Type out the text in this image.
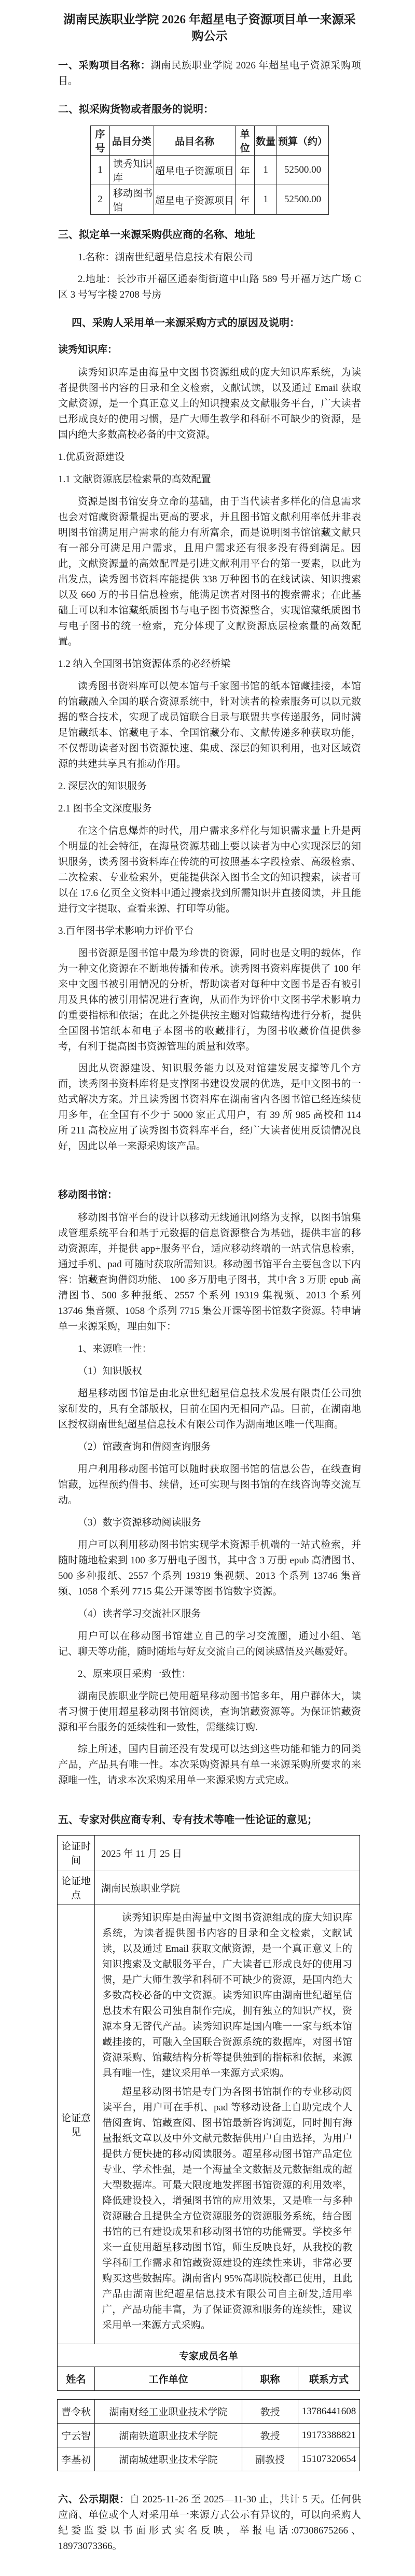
湖南民族职业学院 2026 年超星电子资源项目单一来源采购公示

一、采购项目名称：湖南民族职业学院 2026 年超星电子资源采购项目。

二、拟采购货物或者服务的说明：
序号	品目分类	品目名称	单位	数量	预算（约）
1	读秀知识库	超星电子资源项目	年	1	52500.00
2	移动图书馆	超星电子资源项目	年	1	52500.00
三、拟定单一来源采购供应商的名称、地址

1.名称：湖南世纪超星信息技术有限公司

2.地址：长沙市开福区通泰街街道中山路 589 号开福万达广场 C 区 3 号写字楼 2708 号房

四、采购人采用单一来源采购方式的原因及说明：

读秀知识库：

读秀知识库是由海量中文图书资源组成的庞大知识库系统，为读者提供图书内容的目录和全文检索，文献试读，以及通过 Email 获取文献资源，是一个真正意义上的知识搜索及文献服务平台，广大读者已形成良好的使用习惯，是广大师生教学和科研不可缺少的资源，是国内绝大多数高校必备的中文资源。

1.优质资源建设

1.1 文献资源底层检索量的高效配置

资源是图书馆安身立命的基础，由于当代读者多样化的信息需求也会对馆藏资源量提出更高的要求，并且图书馆文献利用率低并非表明图书馆满足用户需求的能力有所富余，而是说明图书馆馆藏文献只有一部分可满足用户需求，且用户需求还有很多没有得到满足。因此，文献资源量的高效配置是引进文献利用平台的第一要素，以此为出发点，读秀图书资料库能提供 338 万种图书的在线试读、知识搜索以及 660 万的书目信息检索，能满足读者对图书的搜索需求；在此基础上可以和本馆藏纸质图书与电子图书资源整合，实现馆藏纸质图书与电子图书的统一检索，充分体现了文献资源底层检索量的高效配置。

1.2 纳入全国图书馆资源体系的必经桥梁

读秀图书资料库可以使本馆与千家图书馆的纸本馆藏挂接，本馆的馆藏融入全国的联合资源系统中，针对读者的检索服务可以以元数据的整合技术，实现了成员馆联合目录与联盟共享传递服务，同时满足馆藏纸本、馆藏电子本、全国馆藏分布、文献传递多种获取功能，不仅帮助读者对图书资源快速、集成、深层的知识利用，也对区域资源的共建共享具有推动作用。

2. 深层次的知识服务

2.1 图书全文深度服务

在这个信息爆炸的时代，用户需求多样化与知识需求量上升是两个明显的社会特征，在海量资源基础上要以读者为中心实现深层的知识服务，读秀图书资料库在传统的可按照基本字段检索、高级检索、二次检索、专业检索外，更能提供深入图书全文的知识搜索，读者可以在 17.6 亿页全文资料中通过搜索找到所需知识并直接阅读，并且能进行文字提取、查看来源、打印等功能。

3.百年图书学术影响力评价平台

图书资源是图书馆中最为珍贵的资源，同时也是文明的载体，作为一种文化资源在不断地传播和传承。读秀图书资料库提供了 100 年来中文图书被引用情况的分析，帮助读者对每种中文图书是否有被引用及具体的被引用情况进行查询，从而作为评价中文图书学术影响力的重要指标和依据；在此之外提供按主题对馆藏结构进行分析，提供全国图书馆纸本和电子本图书的收藏排行，为图书收藏价值提供参考，有利于提高图书资源管理的质量和效率。

因此从资源建设、知识服务能力以及对馆建发展支撑等几个方面，读秀图书资料库将是支撑图书建设发展的优选，是中文图书的一站式解决方案。并且读秀图书资料库在湖南省内各图书馆已经连续使用多年，在全国有不少于 5000 家正式用户，有 39 所 985 高校和 114 所 211 高校应用了读秀图书资料库平台，经广大读者使用反馈情况良好，因此以单一来源采购该产品。

移动图书馆：

移动图书馆平台的设计以移动无线通讯网络为支撑，以图书馆集成管理系统平台和基于元数据的信息资源整合为基础，提供丰富的移动资源库，并提供 app+服务平台，适应移动终端的一站式信息检索，通过手机、pad 可随时获取所需知识。移动图书馆平台主要包含以下内容：馆藏查询借阅功能、 100 多万册电子图书，其中含 3 万册 epub 高清图书、500 多种报纸、2557 个系列 19319 集视频、2013 个系列 13746 集音频、1058 个系列 7715 集公开课等图书馆数字资源。特申请单一来源采购，理由如下：

1、来源唯一性：

（1）知识版权

超星移动图书馆是由北京世纪超星信息技术发展有限责任公司独家研发的，具有全部版权，目前在国内无相同产品。目前，在湖南地区授权湖南世纪超星信息技术有限公司作为湖南地区唯一代理商。

（2）馆藏查询和借阅查询服务

用户利用移动图书馆可以随时获取图书馆的信息公告，在线查询馆藏，远程预约借书、续借，还可实现与图书馆的在线咨询等交流互动。

（3）数字资源移动阅读服务

用户可以利用移动图书馆实现学术资源手机端的一站式检索，并随时随地检索到 100 多万册电子图书，其中含 3 万册 epub 高清图书、500 多种报纸、2557 个系列 19319 集视频、2013 个系列 13746 集音频、1058 个系列 7715 集公开课等图书馆数字资源。

（4）读者学习交流社区服务

用户可以在移动图书馆建立自己的学习交流圈，通过小组、笔记、聊天等功能，随时随地与好友交流自己的阅读感悟及兴趣爱好。

2、原来项目采购一致性：

湖南民族职业学院已使用超星移动图书馆多年，用户群体大，读者习惯于使用超星移动图书馆阅读，查询馆藏资源等。为保证馆藏资源和平台服务的延续性和一致性，需继续订购.

综上所述，国内目前还没有发现可以达到这些功能和能力的同类产品，产品具有唯一性。本次采购资源具有单一来源采购所要求的来源唯一性，请求本次采购采用单一来源采购方式完成。

五、专家对供应商专利、专有技术等唯一性论证的意见；
论证时间	2025 年 11 月 25 日		
论证地点	湖南民族职业学院		
论证意见	读秀知识库是由海量中文图书资源组成的庞大知识库系统，为读者提供图书内容的目录和全文检索，文献试读，以及通过 Email 获取文献资源，是一个真正意义上的知识搜索及文献服务平台，广大读者已形成良好的使用习惯，是广大师生教学和科研不可缺少的资源，是国内绝大多数高校必备的中文资源。读秀知识库由湖南世纪超星信息技术有限公司独自制作完成，拥有独立的知识产权，资源本身无替代产品。读秀知识库是国内唯一一家与纸本馆藏挂接的，可融入全国联合资源系统的数据库，对图书馆资源采购、馆藏结构分析等提供独到的指标和依据，来源具有唯一性，建议采用单一来源方式采购。

超星移动图书馆是专门为各图书馆制作的专业移动阅读平台，用户可在手机、pad 等移动设备上自助完成个人借阅查询、馆藏查阅、图书馆最新咨询浏览，同时拥有海量报纸文章以及中外文献元数据供用户自由选择，为用户提供方便快捷的移动阅读服务。超星移动图书馆产品定位专业、学术性强，是一个海量全文数据及元数据组成的超大型数据库。可最大限度地发挥图书馆资源的利用效率，降低建设投入，增强图书馆的应用效果，又是唯一与多种资源融合且提供全方位资源服务的资源服务系统，结合图书馆的已有建设成果和移动图书馆的功能需要。学校多年来一直使用超星移动图书馆，师生反映良好，从我校的教学科研工作需求和馆藏资源建设的连续性来讲，非常必要购买这些数据库。湖南省内 95%高职院校都已使用，且此产品由湖南世纪超星信息技术有限公司自主研发,适用率广，产品功能丰富，为了保证资源和服务的连续性，建议采用单一来源方式采购。		

专家成员名单			
姓名	工作单位	职称	联系方式
曹令秋	湖南财经工业职业技术学院	教授	13786441608
宁云智	湖南铁道职业技术学院	教授	19173388821
李基初	湖南城建职业技术学院	副教授	15107320654

六、公示期限：自 2025-11-26 至 2025—11-30 止，共计 5 天。任何供应商、单位或个人对采用单一来源方式公示有异议的，可以向采购人纪委监委以书面形式实名反映，举报电话:07308675266、18973073366。
